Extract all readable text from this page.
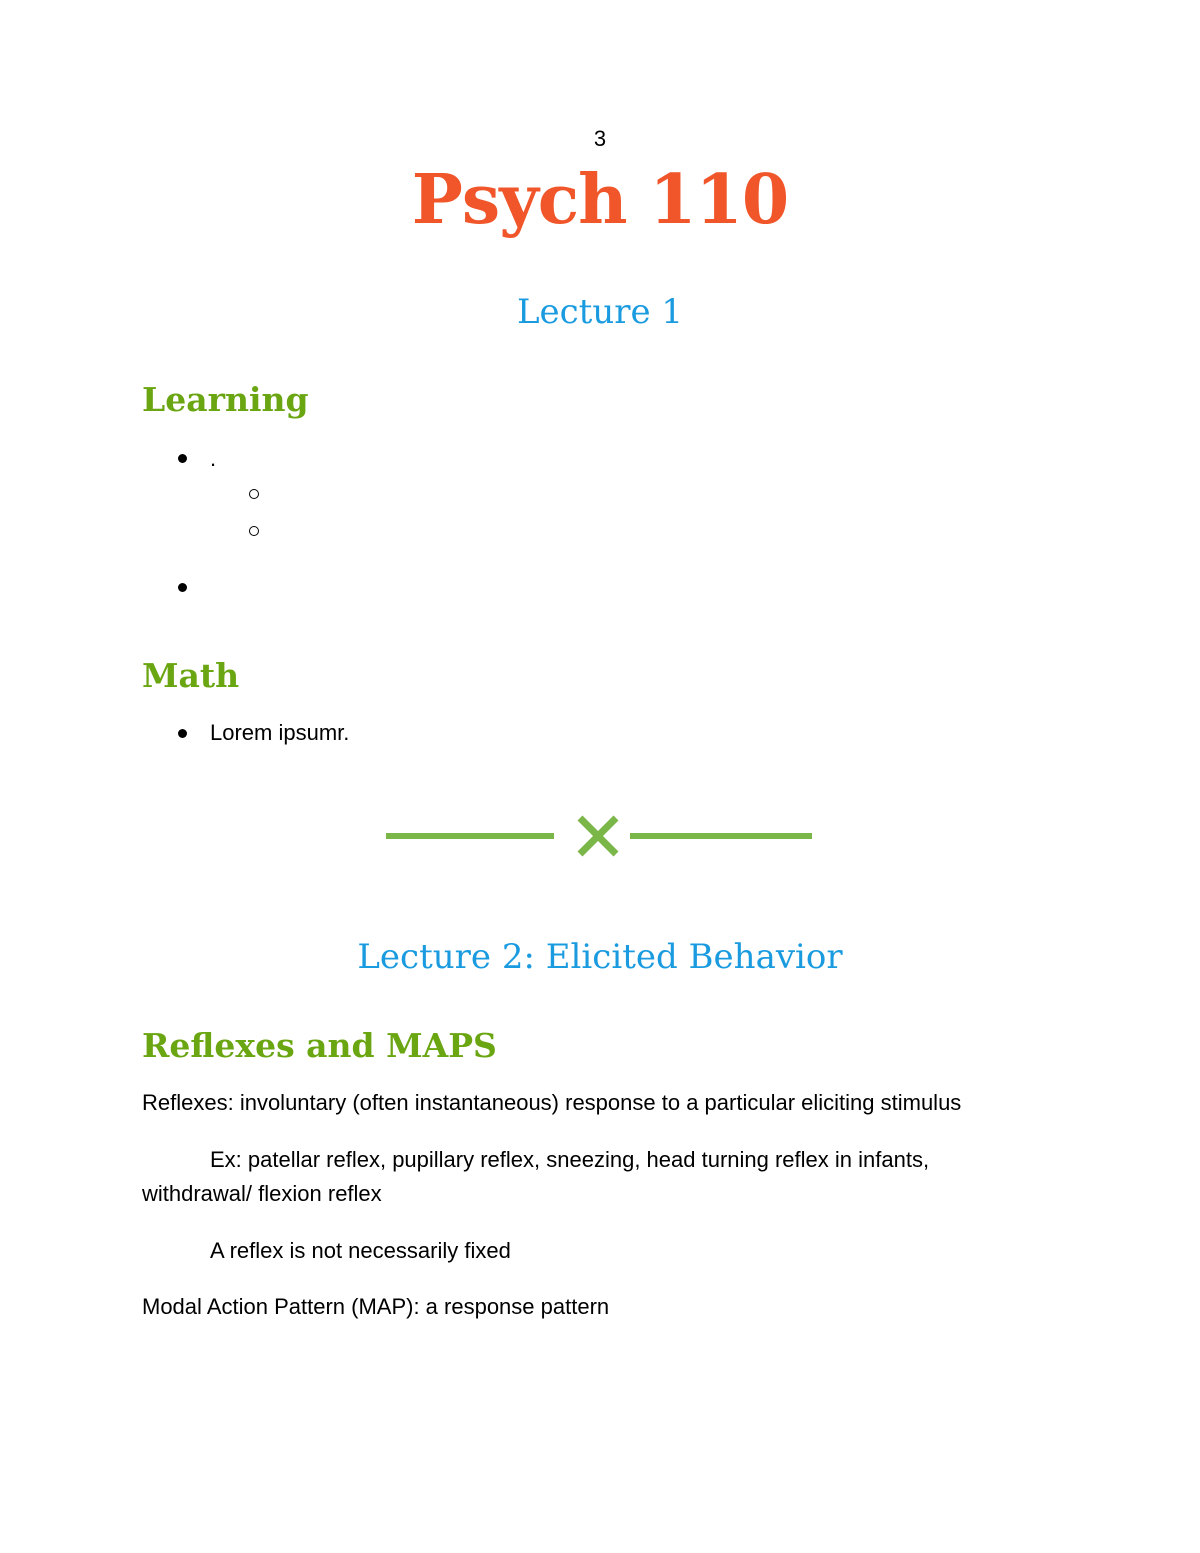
3
Psych 110
Lecture 1
Learning
.
Math
Lorem ipsumr.
Lecture 2: Elicited Behavior
Reflexes and MAPS
Reflexes: involuntary (often instantaneous) response to a particular eliciting stimulus
Ex: patellar reflex, pupillary reflex, sneezing, head turning reflex in infants,
withdrawal/ flexion reflex
A reflex is not necessarily fixed
Modal Action Pattern (MAP): a response pattern
